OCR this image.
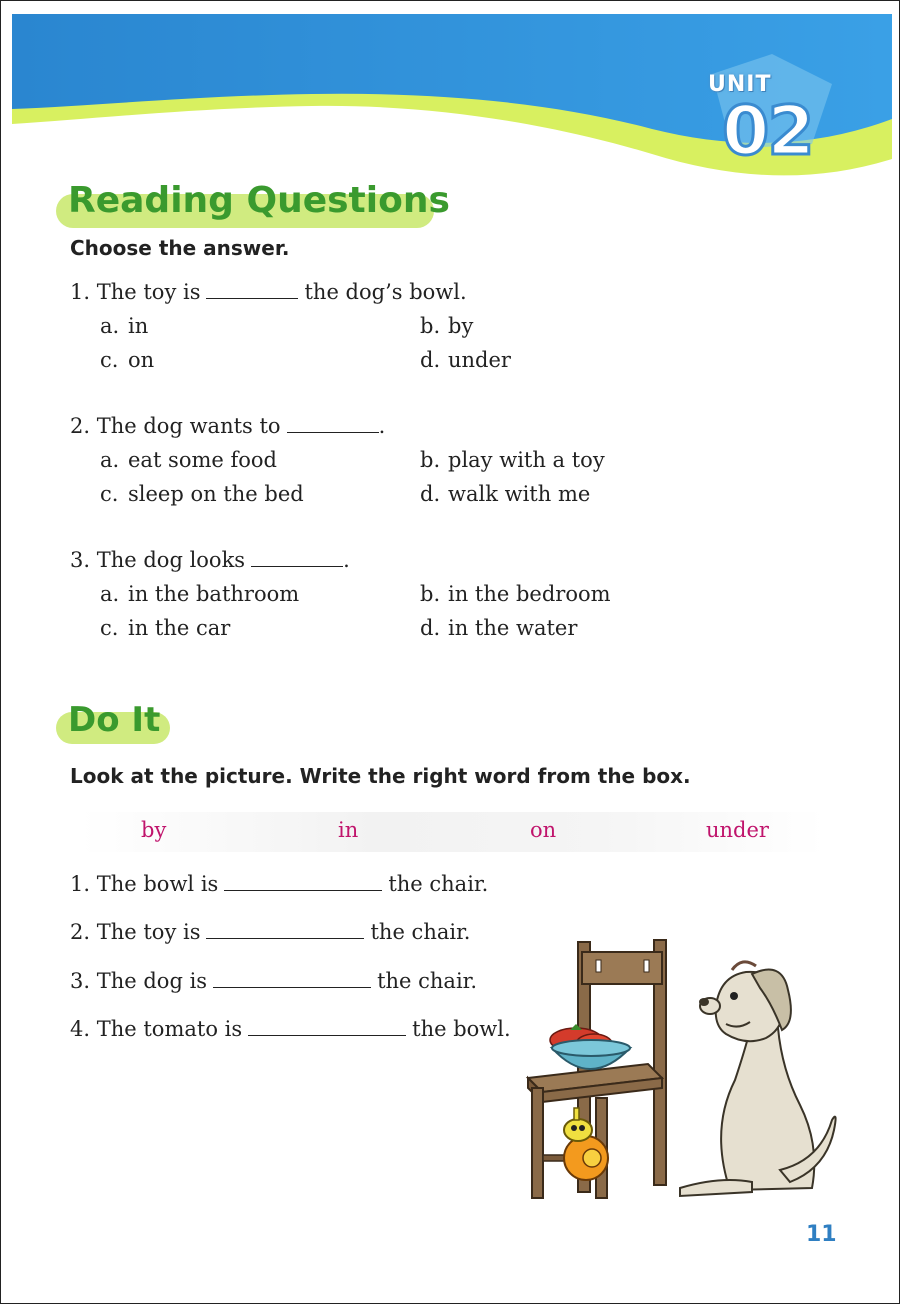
UNIT
02
Reading Questions

Choose the answer.

1. The toy is	the dog’s bowl.
a. in	b. by
c. on	d. under
2. The dog wants to	.
a. eat some food	b. play with a toy
c. sleep on the bed	d. walk with me
3. The dog looks	.
a. in the bathroom	b. in the bedroom
c. in the car	d. in the water
Do It

Look at the picture. Write the right word from the box.

by	in	on	under
1. The bowl is	the chair.
2. The toy is	the chair.
3. The dog is	the chair.
4. The tomato is	the bowl.
11
